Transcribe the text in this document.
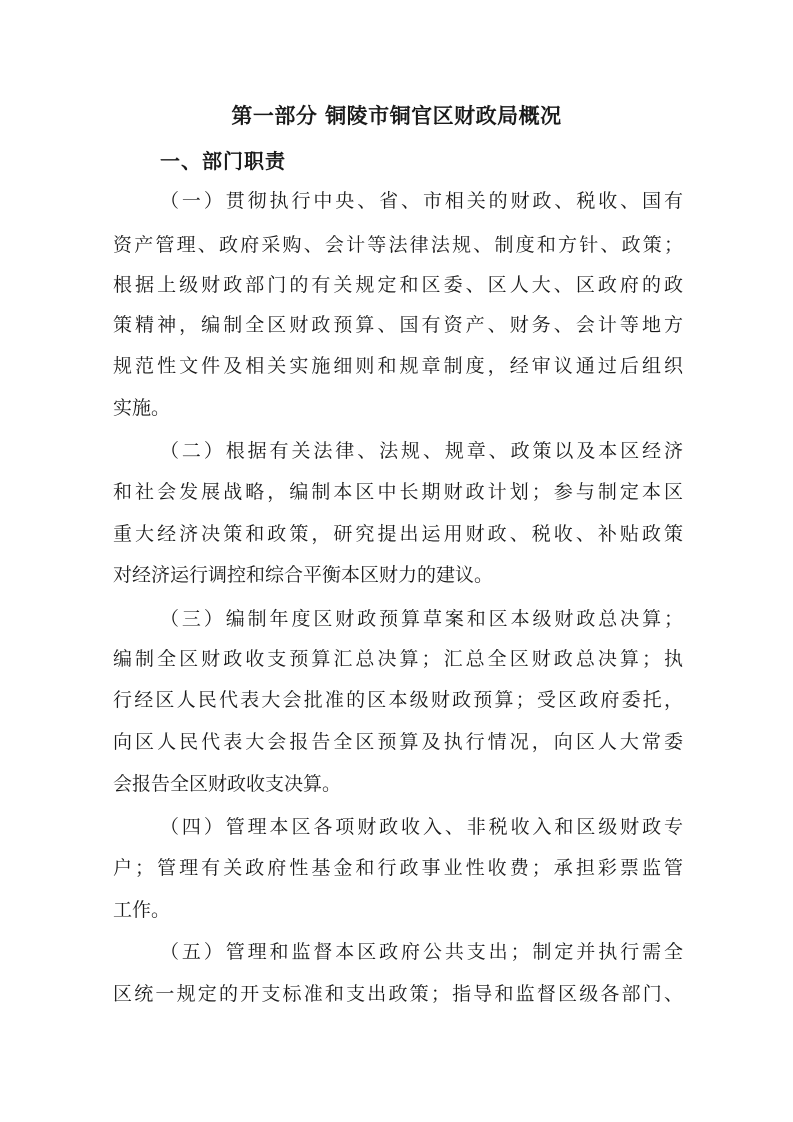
第一部分 铜陵市铜官区财政局概况
一、部门职责
（一）贯彻执行中央、省、市相关的财政、税收、国有
资产管理、政府采购、会计等法律法规、制度和方针、政策；
根据上级财政部门的有关规定和区委、区人大、区政府的政
策精神，编制全区财政预算、国有资产、财务、会计等地方
规范性文件及相关实施细则和规章制度，经审议通过后组织
实施。
（二）根据有关法律、法规、规章、政策以及本区经济
和社会发展战略，编制本区中长期财政计划；参与制定本区
重大经济决策和政策，研究提出运用财政、税收、补贴政策
对经济运行调控和综合平衡本区财力的建议。
（三）编制年度区财政预算草案和区本级财政总决算；
编制全区财政收支预算汇总决算；汇总全区财政总决算；执
行经区人民代表大会批准的区本级财政预算；受区政府委托，
向区人民代表大会报告全区预算及执行情况，向区人大常委
会报告全区财政收支决算。
（四）管理本区各项财政收入、非税收入和区级财政专
户；管理有关政府性基金和行政事业性收费；承担彩票监管
工作。
（五）管理和监督本区政府公共支出；制定并执行需全
区统一规定的开支标准和支出政策；指导和监督区级各部门、
